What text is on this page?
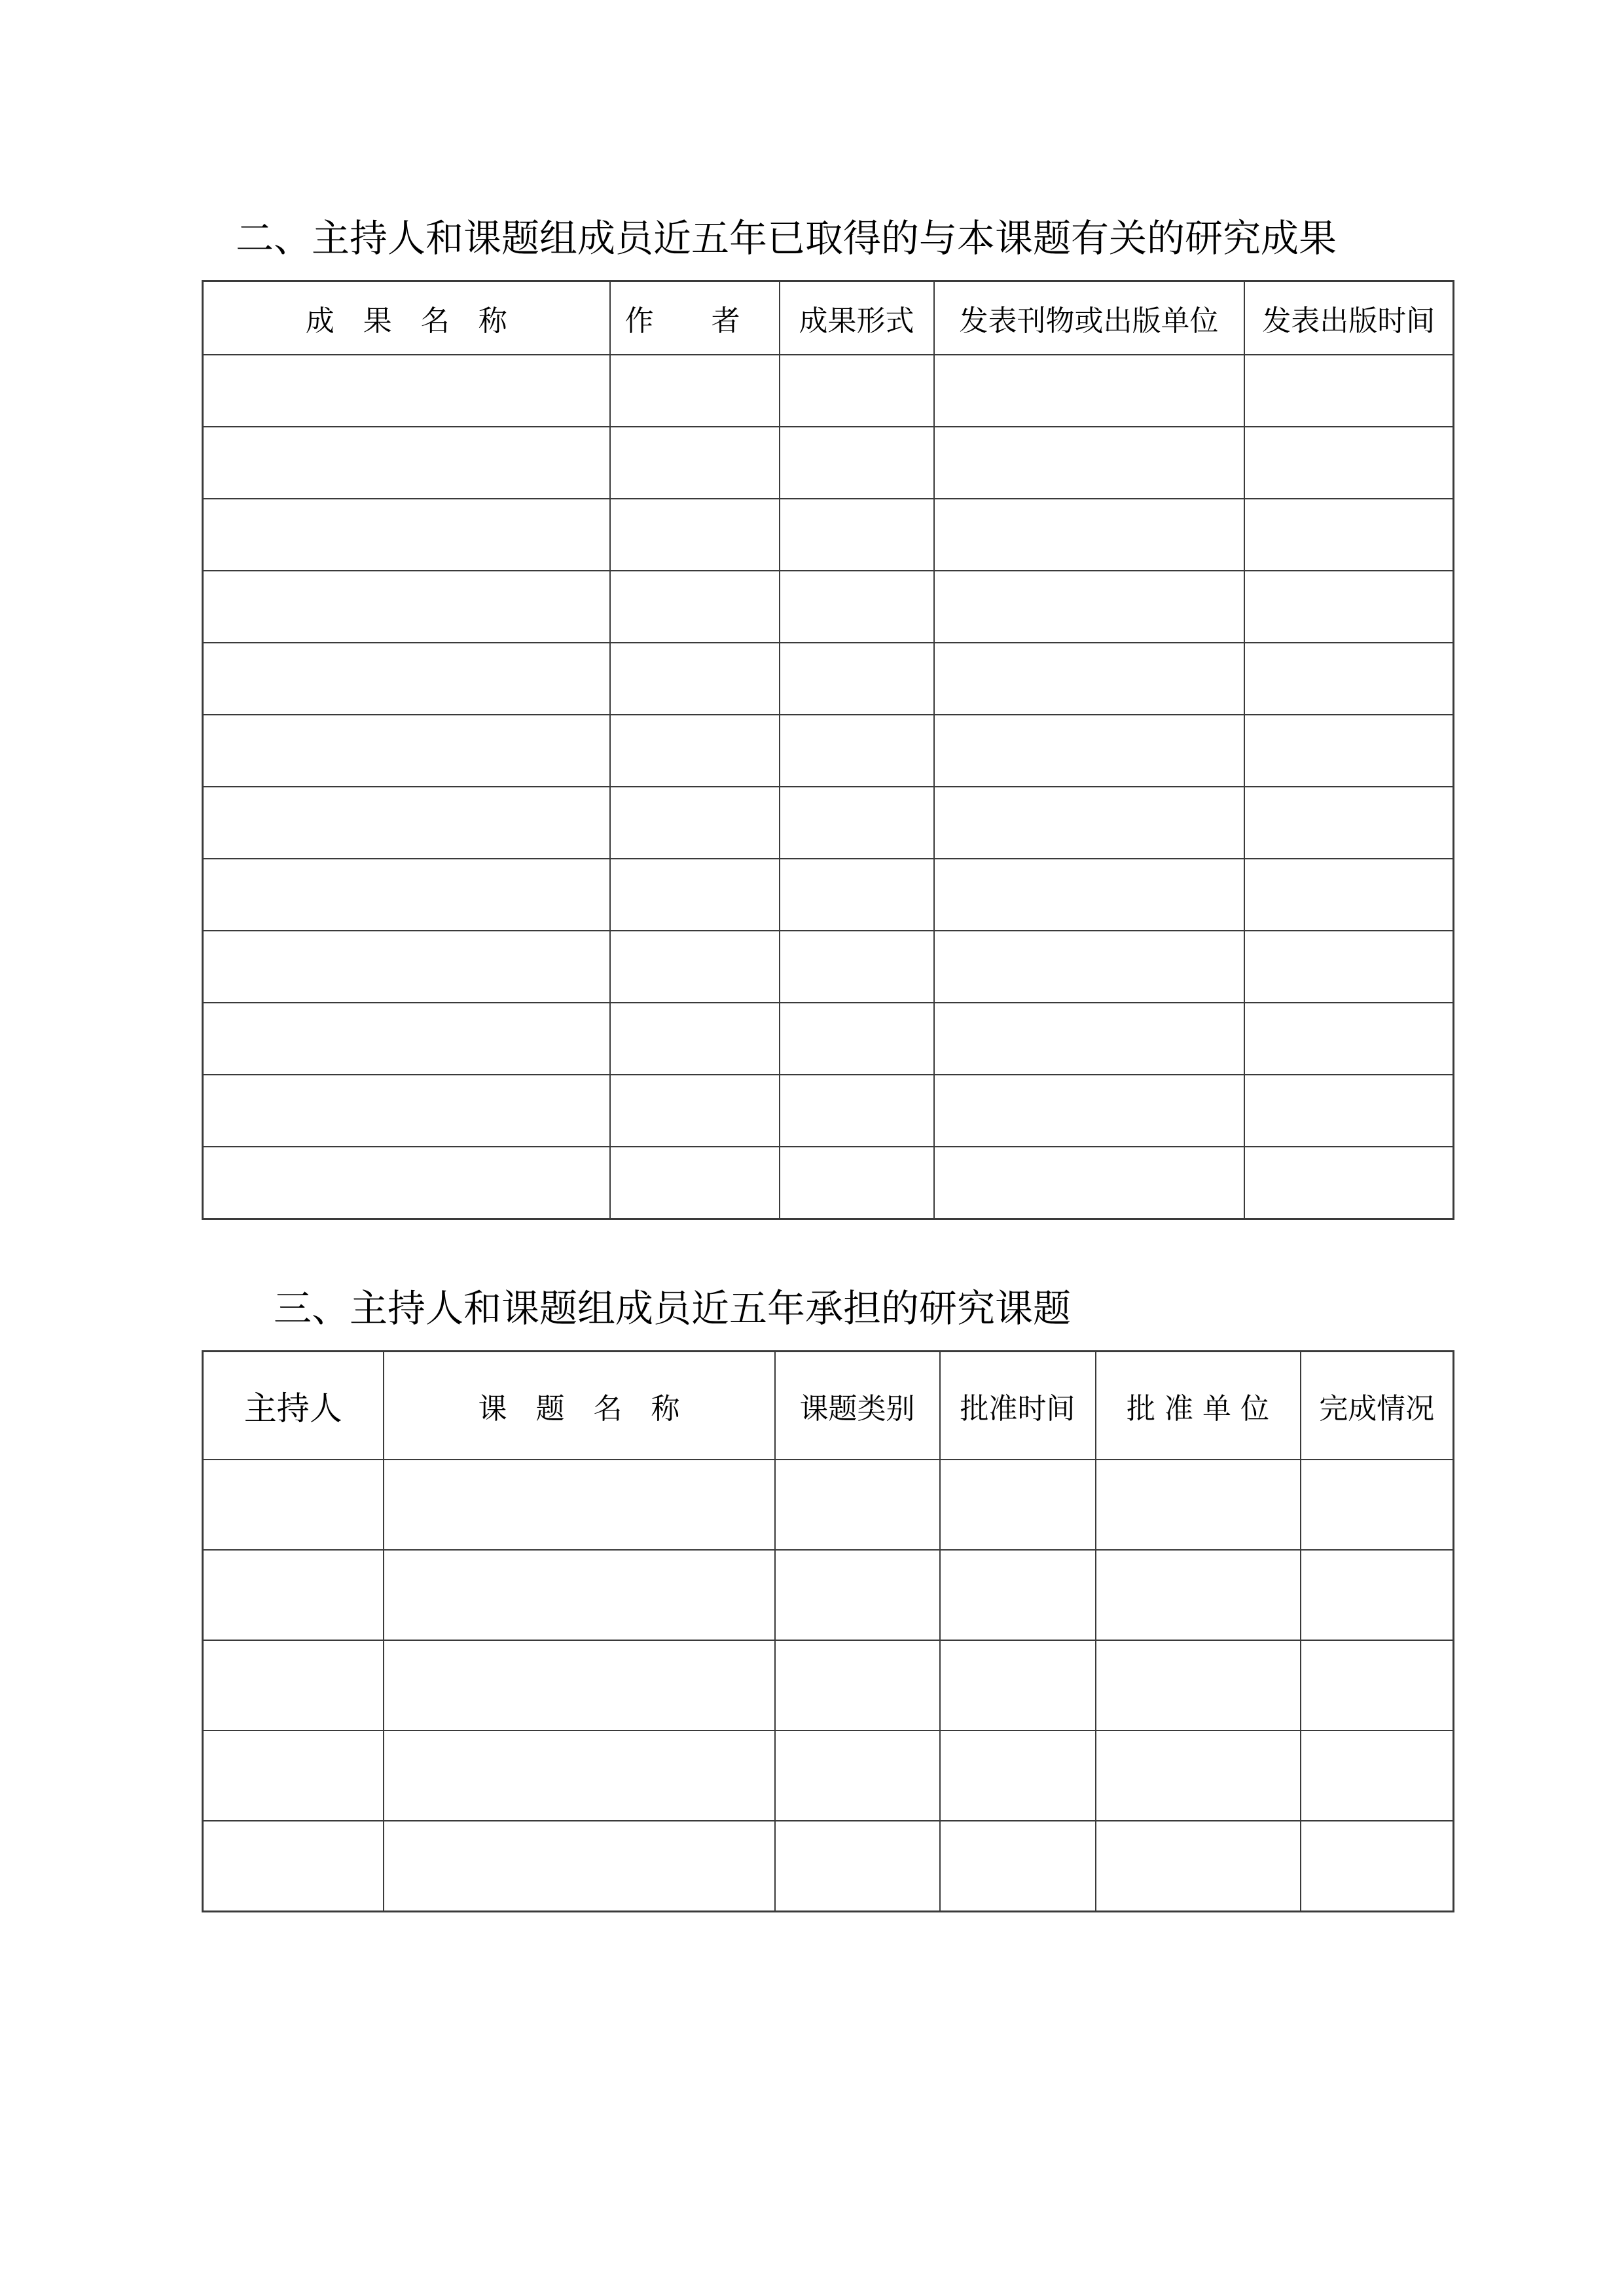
二、主持人和课题组成员近五年已取得的与本课题有关的研究成果
成　果　名　称	作　　者	成果形式	发表刊物或出版单位	发表出版时间

三、主持人和课题组成员近五年承担的研究课题
主持人	课　题　名　称	课题类别	批准时间	批 准 单 位	完成情况
